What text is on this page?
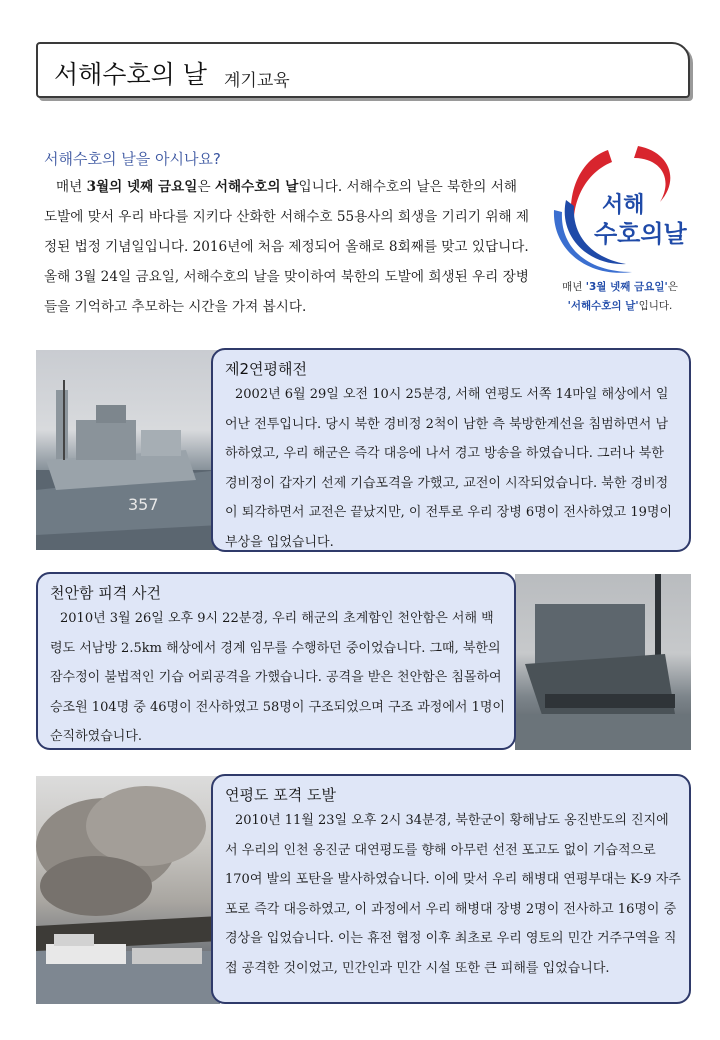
서해수호의 날 계기교육
서해수호의 날을 아시나요?

매년 3월의 넷째 금요일은 서해수호의 날입니다. 서해수호의 날은 북한의 서해 도발에 맞서 우리 바다를 지키다 산화한 서해수호 55용사의 희생을 기리기 위해 제정된 법정 기념일입니다. 2016년에 처음 제정되어 올해로 8회째를 맞고 있답니다. 올해 3월 24일 금요일, 서해수호의 날을 맞이하여 북한의 도발에 희생된 우리 장병들을 기억하고 추모하는 시간을 가져 봅시다.

서해
수호의날
매년 '3월 넷째 금요일'은
'서해수호의 날'입니다.
357
제2연평해전

2002년 6월 29일 오전 10시 25분경, 서해 연평도 서쪽 14마일 해상에서 일어난 전투입니다. 당시 북한 경비정 2척이 남한 측 북방한계선을 침범하면서 남하하였고, 우리 해군은 즉각 대응에 나서 경고 방송을 하였습니다. 그러나 북한 경비정이 갑자기 선제 기습포격을 가했고, 교전이 시작되었습니다. 북한 경비정이 퇴각하면서 교전은 끝났지만, 이 전투로 우리 장병 6명이 전사하였고 19명이 부상을 입었습니다.

천안함 피격 사건

2010년 3월 26일 오후 9시 22분경, 우리 해군의 초계함인 천안함은 서해 백령도 서남방 2.5km 해상에서 경계 임무를 수행하던 중이었습니다. 그때, 북한의 잠수정이 불법적인 기습 어뢰공격을 가했습니다. 공격을 받은 천안함은 침몰하여 승조원 104명 중 46명이 전사하였고 58명이 구조되었으며 구조 과정에서 1명이 순직하였습니다.

연평도 포격 도발

2010년 11월 23일 오후 2시 34분경, 북한군이 황해남도 옹진반도의 진지에서 우리의 인천 옹진군 대연평도를 향해 아무런 선전 포고도 없이 기습적으로 170여 발의 포탄을 발사하였습니다. 이에 맞서 우리 해병대 연평부대는 K-9 자주포로 즉각 대응하였고, 이 과정에서 우리 해병대 장병 2명이 전사하고 16명이 중경상을 입었습니다. 이는 휴전 협정 이후 최초로 우리 영토의 민간 거주구역을 직접 공격한 것이었고, 민간인과 민간 시설 또한 큰 피해를 입었습니다.
